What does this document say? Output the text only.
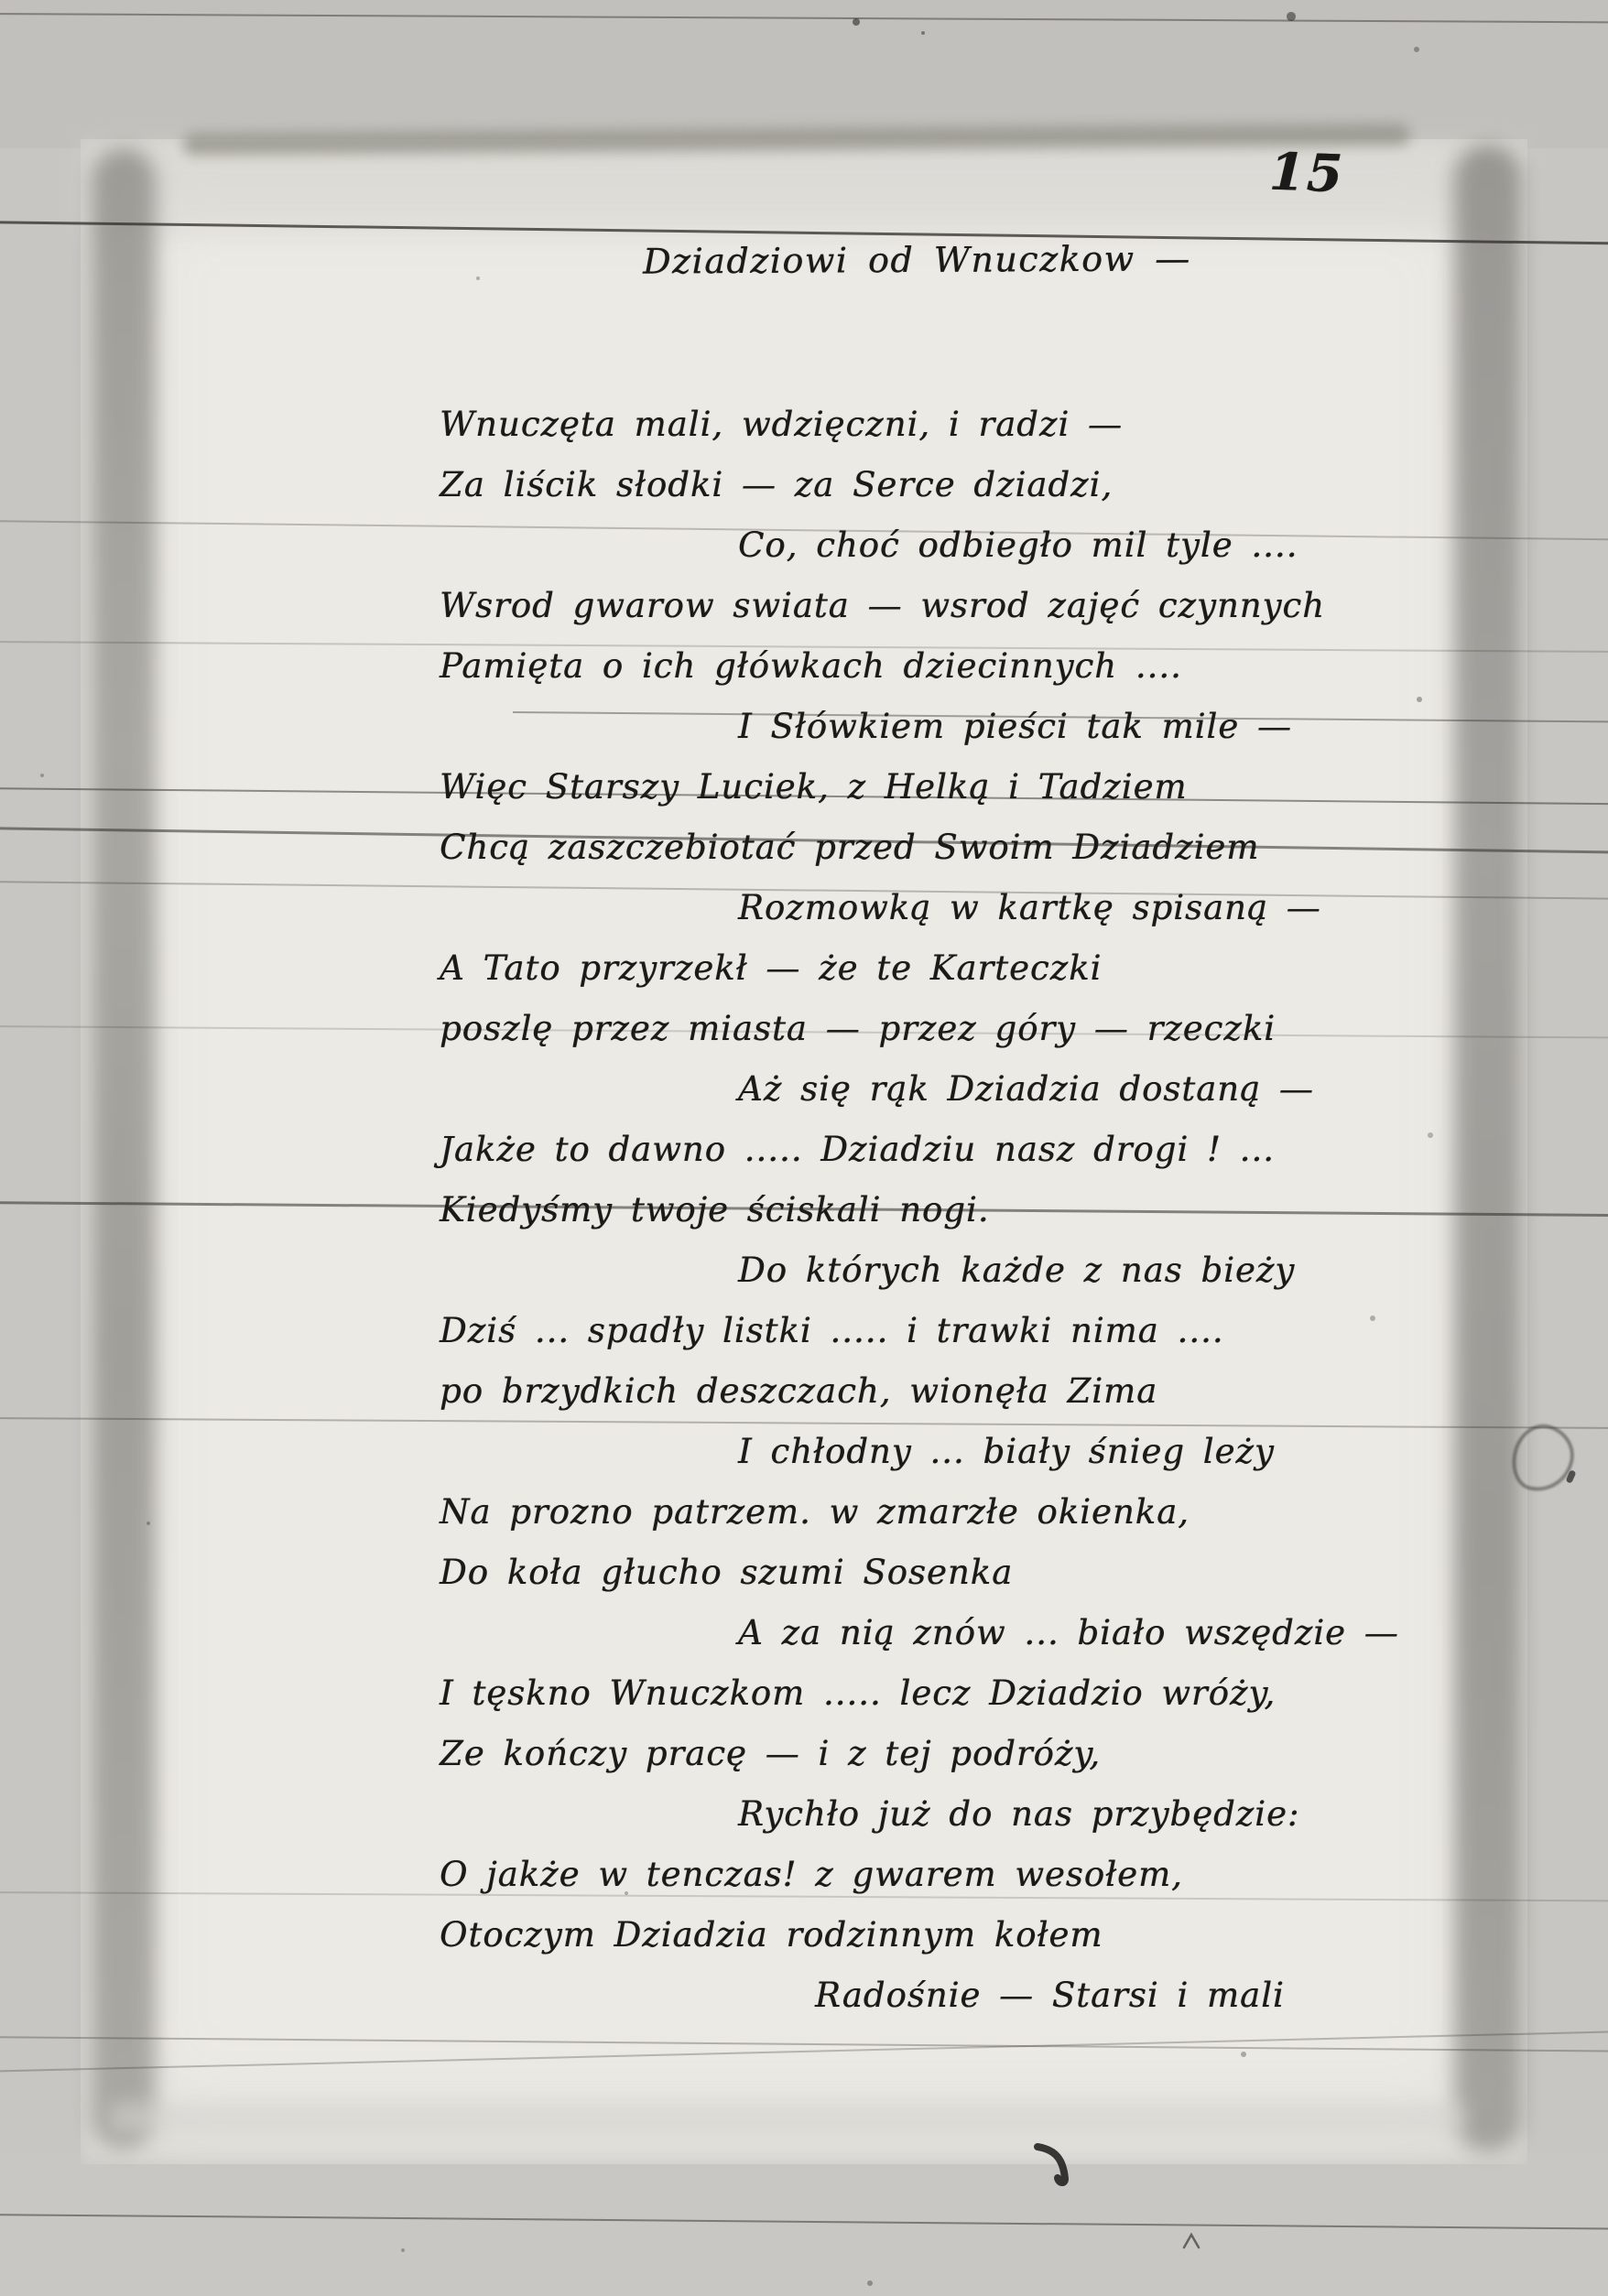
15
Dziadziowi od Wnuczkow —
Wnuczęta mali, wdzięczni, i radzi —
Za liścik słodki — za Serce dziadzi,
Co, choć odbiegło mil tyle ....
Wsrod gwarow swiata — wsrod zajęć czynnych
Pamięta o ich główkach dziecinnych ....
I Słówkiem pieści tak mile —
Więc Starszy Luciek, z Helką i Tadziem
Chcą zaszczebiotać przed Swoim Dziadziem
Rozmowką w kartkę spisaną —
A Tato przyrzekł — że te Karteczki
poszlę przez miasta — przez góry — rzeczki
Aż się rąk Dziadzia dostaną —
Jakże to dawno ..... Dziadziu nasz drogi ! ...
Kiedyśmy twoje ściskali nogi.
Do których każde z nas bieży
Dziś ... spadły listki ..... i trawki nima ....
po brzydkich deszczach, wionęła Zima
I chłodny ... biały śnieg leży
Na prozno patrzem. w zmarzłe okienka,
Do koła głucho szumi Sosenka
A za nią znów ... biało wszędzie —
I tęskno Wnuczkom ..... lecz Dziadzio wróży,
Ze kończy pracę — i z tej podróży,
Rychło już do nas przybędzie:
O jakże w tenczas! z gwarem wesołem,
Otoczym Dziadzia rodzinnym kołem
Radośnie — Starsi i mali
